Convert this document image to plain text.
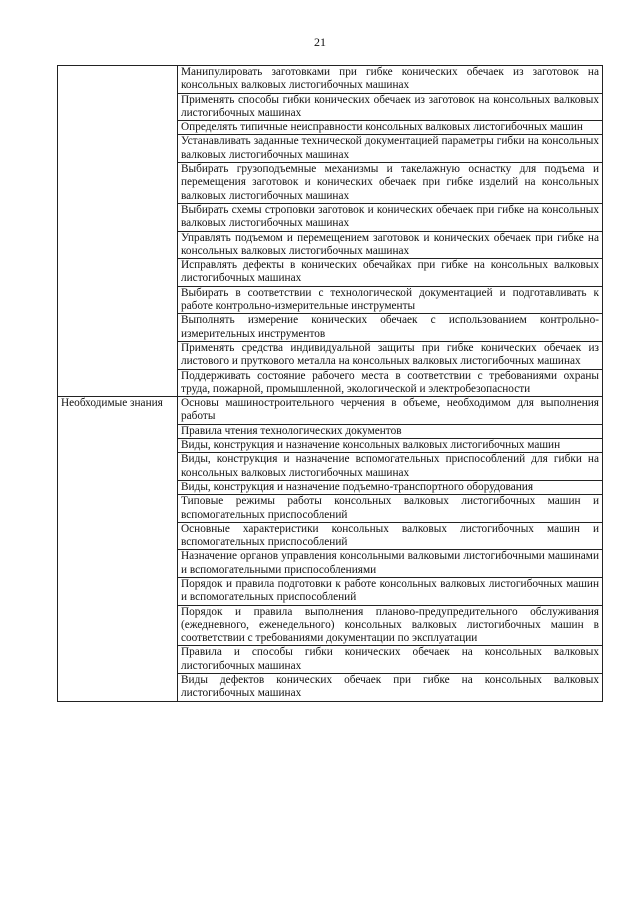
21
	Манипулировать заготовками при гибке конических обечаек из заготовок на консольных валковых листогибочных машинах
	Применять способы гибки конических обечаек из заготовок на консольных валковых листогибочных машинах
	Определять типичные неисправности консольных валковых листогибочных машин
	Устанавливать заданные технической документацией параметры гибки на консольных валковых листогибочных машинах
	Выбирать грузоподъемные механизмы и такелажную оснастку для подъема и перемещения заготовок и конических обечаек при гибке изделий на консольных валковых листогибочных машинах
	Выбирать схемы строповки заготовок и конических обечаек при гибке на консольных валковых листогибочных машинах
	Управлять подъемом и перемещением заготовок и конических обечаек при гибке на консольных валковых листогибочных машинах
	Исправлять дефекты в конических обечайках при гибке на консольных валковых листогибочных машинах
	Выбирать в соответствии с технологической документацией и подготавливать к работе контрольно-измерительные инструменты
	Выполнять измерение конических обечаек с использованием контрольно-измерительных инструментов
	Применять средства индивидуальной защиты при гибке конических обечаек из листового и пруткового металла на консольных валковых листогибочных машинах
	Поддерживать состояние рабочего места в соответствии с требованиями охраны труда, пожарной, промышленной, экологической и электробезопасности
Необходимые знания	Основы машиностроительного черчения в объеме, необходимом для выполнения работы
	Правила чтения технологических документов
	Виды, конструкция и назначение консольных валковых листогибочных машин
	Виды, конструкция и назначение вспомогательных приспособлений для гибки на консольных валковых листогибочных машинах
	Виды, конструкция и назначение подъемно-транспортного оборудования
	Типовые режимы работы консольных валковых листогибочных машин и вспомогательных приспособлений
	Основные характеристики консольных валковых листогибочных машин и вспомогательных приспособлений
	Назначение органов управления консольными валковыми листогибочными машинами и вспомогательными приспособлениями
	Порядок и правила подготовки к работе консольных валковых листогибочных машин и вспомогательных приспособлений
	Порядок и правила выполнения планово-предупредительного обслуживания (ежедневного, еженедельного) консольных валковых листогибочных машин в соответствии с требованиями документации по эксплуатации
	Правила и способы гибки конических обечаек на консольных валковых листогибочных машинах
	Виды дефектов конических обечаек при гибке на консольных валковых листогибочных машинах
